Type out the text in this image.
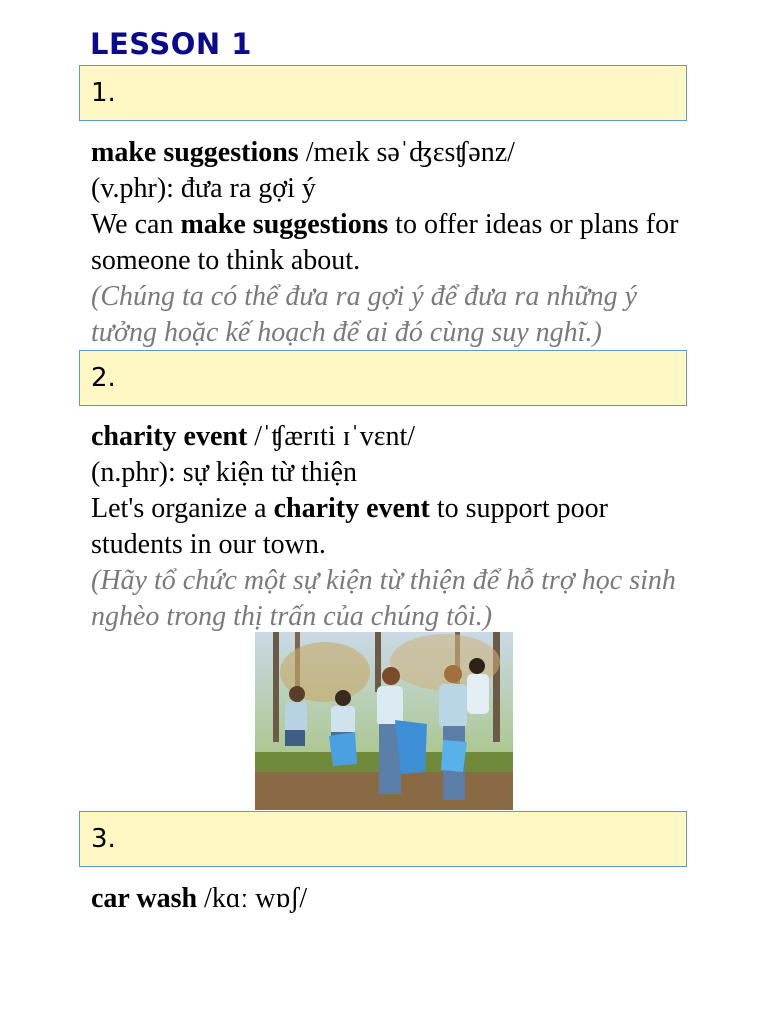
LESSON 1
1.

make suggestions /meɪk səˈʤɛsʧənz/

(v.phr): đưa ra gợi ý

We can make suggestions to offer ideas or plans for someone to think about.

(Chúng ta có thể đưa ra gợi ý để đưa ra những ý tưởng hoặc kế hoạch để ai đó cùng suy nghĩ.)

2.

charity event /ˈʧærɪti ɪˈvɛnt/

(n.phr): sự kiện từ thiện

Let's organize a charity event to support poor students in our town.

(Hãy tổ chức một sự kiện từ thiện để hỗ trợ học sinh nghèo trong thị trấn của chúng tôi.)

3.

car wash /kɑː wɒʃ/
